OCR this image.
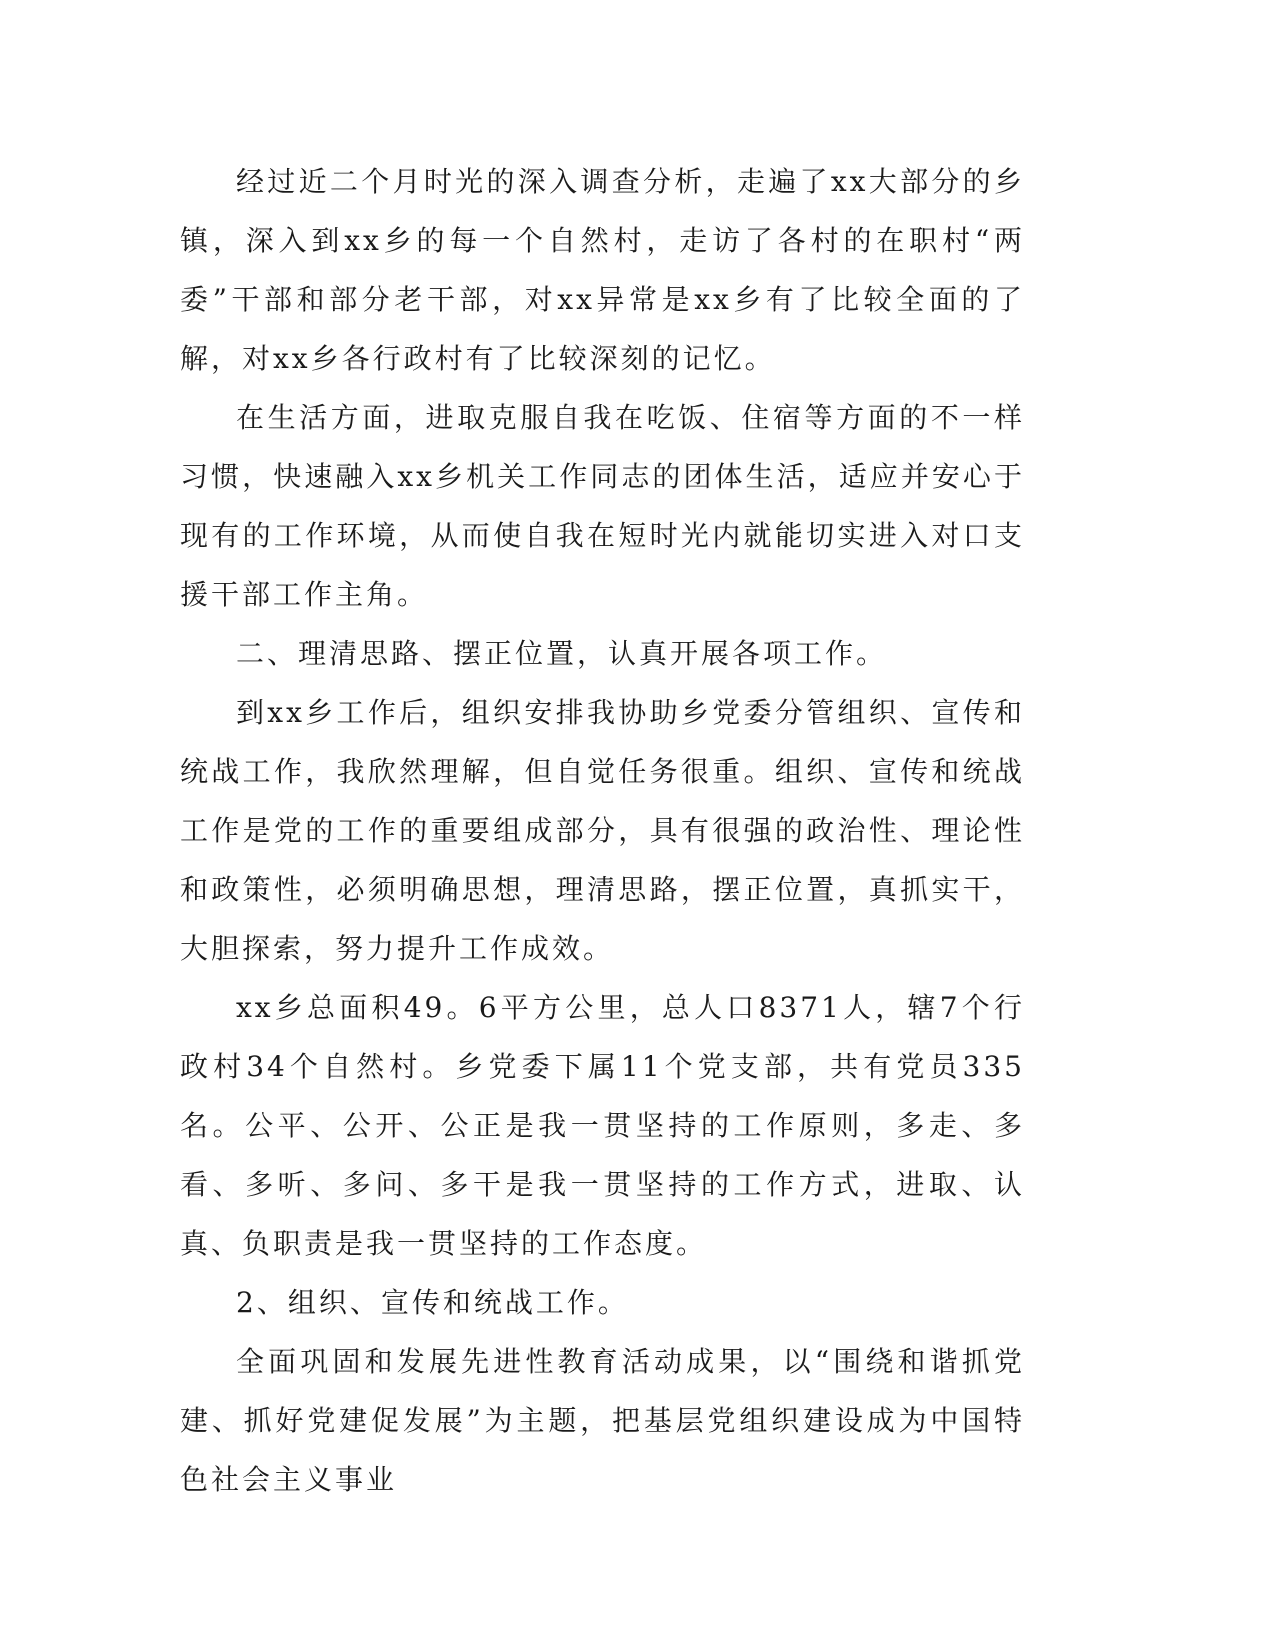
经过近二个月时光的深入调查分析，走遍了xx大部分的乡镇，深入到xx乡的每一个自然村，走访了各村的在职村“两委”干部和部分老干部，对xx异常是xx乡有了比较全面的了解，对xx乡各行政村有了比较深刻的记忆。

在生活方面，进取克服自我在吃饭、住宿等方面的不一样习惯，快速融入xx乡机关工作同志的团体生活，适应并安心于现有的工作环境，从而使自我在短时光内就能切实进入对口支援干部工作主角。

二、理清思路、摆正位置，认真开展各项工作。

到xx乡工作后，组织安排我协助乡党委分管组织、宣传和统战工作，我欣然理解，但自觉任务很重。组织、宣传和统战工作是党的工作的重要组成部分，具有很强的政治性、理论性和政策性，必须明确思想，理清思路，摆正位置，真抓实干，大胆探索，努力提升工作成效。

xx乡总面积49。6平方公里，总人口8371人，辖7个行政村34个自然村。乡党委下属11个党支部，共有党员335名。公平、公开、公正是我一贯坚持的工作原则，多走、多看、多听、多问、多干是我一贯坚持的工作方式，进取、认真、负职责是我一贯坚持的工作态度。

2、组织、宣传和统战工作。

全面巩固和发展先进性教育活动成果，以“围绕和谐抓党建、抓好党建促发展”为主题，把基层党组织建设成为中国特色社会主义事业
